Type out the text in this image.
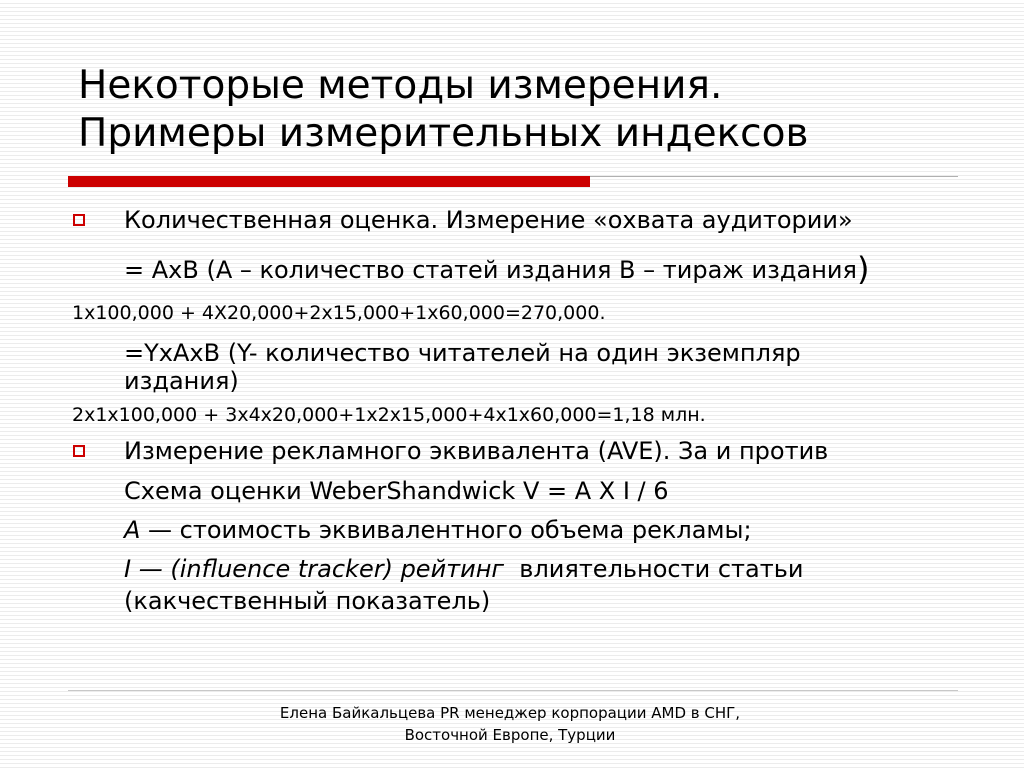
Некоторые методы измерения.
Примеры измерительных индексов
Количественная оценка. Измерение «охвата аудитории»
= AxB (A – количество статей издания B – тираж издания)
1x100,000 + 4X20,000+2x15,000+1x60,000=270,000.
=YxAxB (Y- количество читателей на один экземпляр
издания)
2x1x100,000 + 3x4x20,000+1x2x15,000+4x1x60,000=1,18 млн.
Измерение рекламного эквивалента (AVE). За и против
Схема оценки WeberShandwick V = A X I / 6
A — стоимость эквивалентного объема рекламы;
I — (influence tracker) рейтинг  влиятельности статьи
(какчественный показатель)
Елена Байкальцева PR менеджер корпорации AMD в СНГ,
Восточной Европе, Турции
